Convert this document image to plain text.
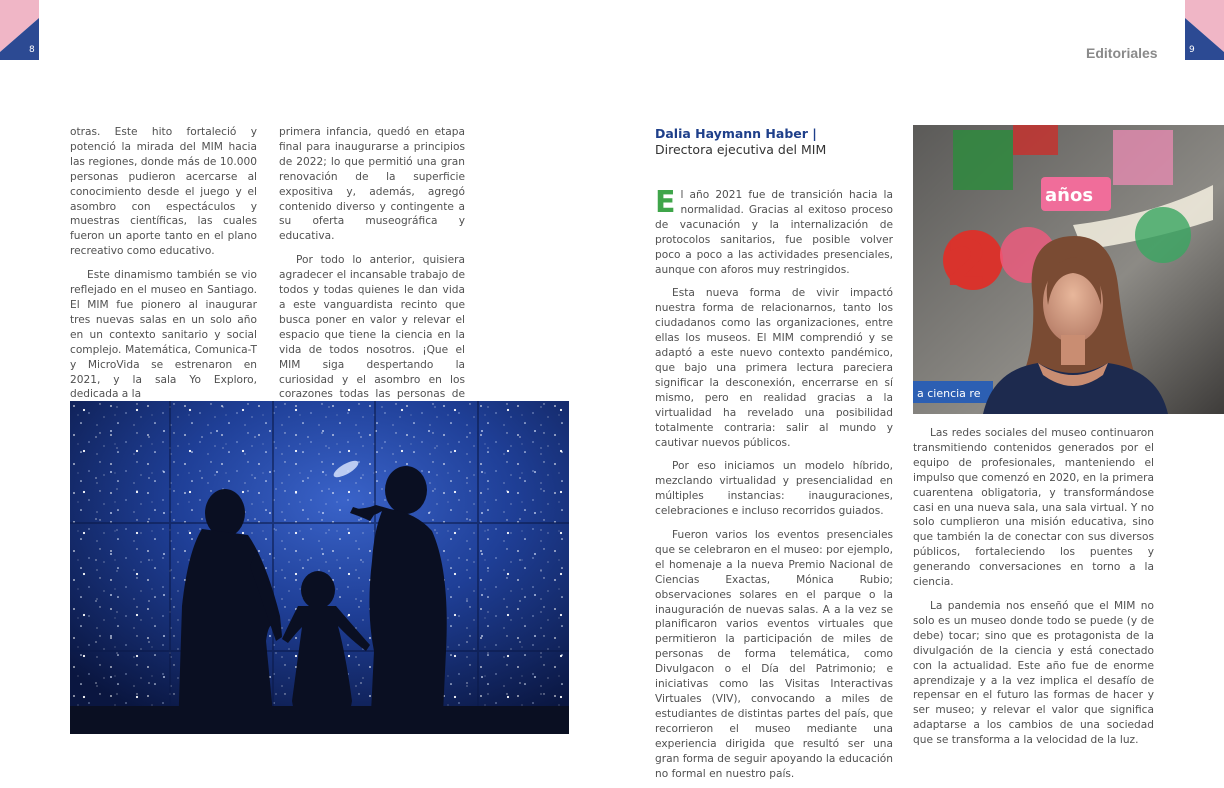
8	9
Editoriales

otras. Este hito fortaleció y potenció la mirada del MIM hacia las regiones, donde más de 10.000 personas pudieron acercarse al conocimiento desde el juego y el asombro con espectáculos y muestras científicas, las cuales fueron un aporte tanto en el plano recreativo como educativo.

Este dinamismo también se vio reflejado en el museo en Santiago. El MIM fue pionero al inaugurar tres nuevas salas en un solo año en un contexto sanitario y social complejo. Matemática, Comunica-T y MicroVida se estrenaron en 2021, y la sala Yo Exploro, dedicada a la

primera infancia, quedó en etapa final para inaugurarse a principios de 2022; lo que permitió una gran renovación de la superficie expositiva y, además, agregó contenido diverso y contingente a su oferta museográfica y educativa.

Por todo lo anterior, quisiera agradecer el incansable trabajo de todos y todas quienes le dan vida a este vanguardista recinto que busca poner en valor y relevar el espacio que tiene la ciencia en la vida de todos nosotros. ¡Que el MIM siga despertando la curiosidad y el asombro en los corazones todas las personas de

Dalia Haymann Haber |
Directora ejecutiva del MIM

El año 2021 fue de transición hacia la normalidad. Gracias al exitoso proceso de vacunación y la internalización de protocolos sanitarios, fue posible volver poco a poco a las actividades presenciales, aunque con aforos muy restringidos.

Esta nueva forma de vivir impactó nuestra forma de relacionarnos, tanto los ciudadanos como las organizaciones, entre ellas los museos. El MIM comprendió y se adaptó a este nuevo contexto pandémico, que bajo una primera lectura pareciera significar la desconexión, encerrarse en sí mismo, pero en realidad gracias a la virtualidad ha revelado una posibilidad totalmente contraria: salir al mundo y cautivar nuevos públicos.

Por eso iniciamos un modelo híbrido, mezclando virtualidad y presencialidad en múltiples instancias: inauguraciones, celebraciones e incluso recorridos guiados.

Fueron varios los eventos presenciales que se celebraron en el museo: por ejemplo, el homenaje a la nueva Premio Nacional de Ciencias Exactas, Mónica Rubio; observaciones solares en el parque o la inauguración de nuevas salas. A a la vez se planificaron varios eventos virtuales que permitieron la participación de miles de personas de forma telemática, como Divulgacon o el Día del Patrimonio; e iniciativas como las Visitas Interactivas Virtuales (VIV), convocando a miles de estudiantes de distintas partes del país, que recorrieron el museo mediante una experiencia dirigida que resultó ser una gran forma de seguir apoyando la educación no formal en nuestro país.

2
años
a ciencia re

Las redes sociales del museo continuaron transmitiendo contenidos generados por el equipo de profesionales, manteniendo el impulso que comenzó en 2020, en la primera cuarentena obligatoria, y transformándose casi en una nueva sala, una sala virtual. Y no solo cumplieron una misión educativa, sino que también la de conectar con sus diversos públicos, fortaleciendo los puentes y generando conversaciones en torno a la ciencia.

La pandemia nos enseñó que el MIM no solo es un museo donde todo se puede (y de debe) tocar; sino que es protagonista de la divulgación de la ciencia y está conectado con la actualidad. Este año fue de enorme aprendizaje y a la vez implica el desafío de repensar en el futuro las formas de hacer y ser museo; y relevar el valor que significa adaptarse a los cambios de una sociedad que se transforma a la velocidad de la luz.
